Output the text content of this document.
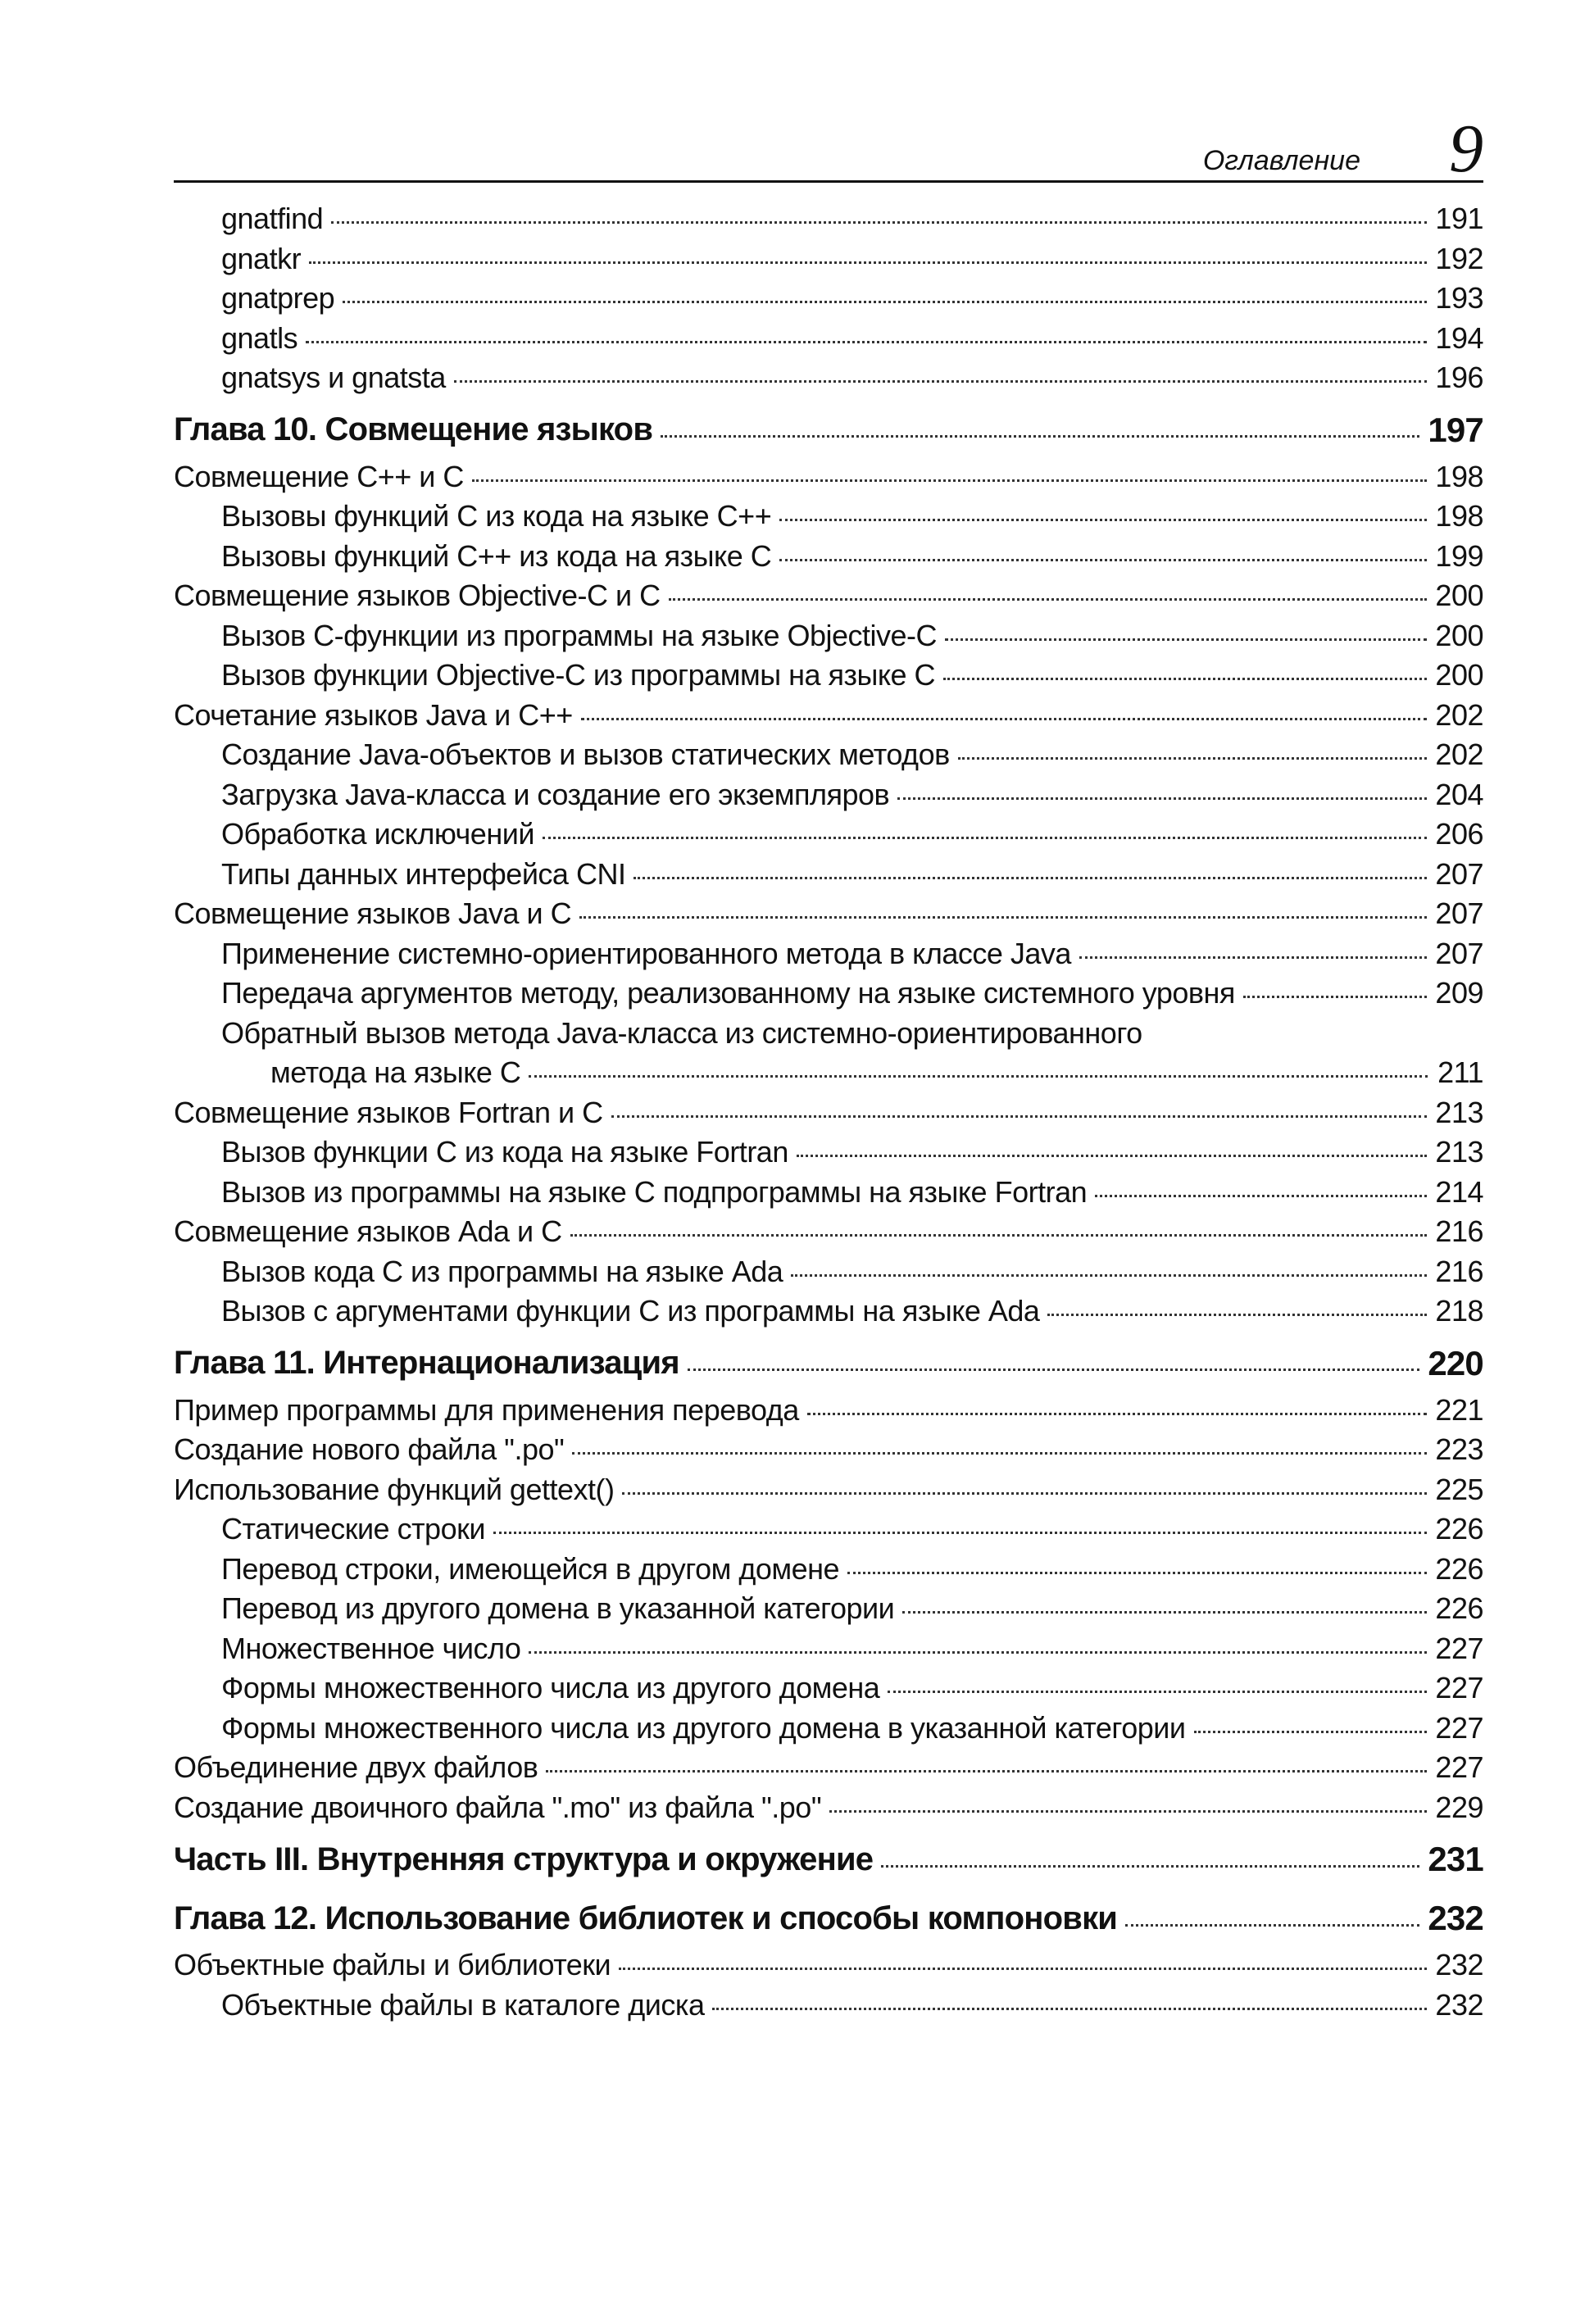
Оглавление 9
gnatfind	191
gnatkr	192
gnatprep	193
gnatls	194
gnatsys и gnatsta	196
Глава 10. Совмещение языков	197
Совмещение C++ и C	198
Вызовы функций C из кода на языке C++	198
Вызовы функций C++ из кода на языке C	199
Совмещение языков Objective-C и C	200
Вызов С-функции из программы на языке Objective-C	200
Вызов функции Objective-C из программы на языке C	200
Сочетание языков Java и C++	202
Создание Java-объектов и вызов статических методов	202
Загрузка Java-класса и создание его экземпляров	204
Обработка исключений	206
Типы данных интерфейса CNI	207
Совмещение языков Java и C	207
Применение системно-ориентированного метода в классе Java	207
Передача аргументов методу, реализованному на языке системного уровня	209
Обратный вызов метода Java-класса из системно-ориентированного
метода на языке C	211
Совмещение языков Fortran и C	213
Вызов функции C из кода на языке Fortran	213
Вызов из программы на языке C подпрограммы на языке Fortran	214
Совмещение языков Ada и C	216
Вызов кода C из программы на языке Ada	216
Вызов с аргументами функции C из программы на языке Ada	218
Глава 11. Интернационализация	220
Пример программы для применения перевода	221
Создание нового файла ".po"	223
Использование функций gettext()	225
Статические строки	226
Перевод строки, имеющейся в другом домене	226
Перевод из другого домена в указанной категории	226
Множественное число	227
Формы множественного числа из другого домена	227
Формы множественного числа из другого домена в указанной категории	227
Объединение двух файлов	227
Создание двоичного файла ".mo" из файла ".po"	229
Часть III. Внутренняя структура и окружение	231
Глава 12. Использование библиотек и способы компоновки	232
Объектные файлы и библиотеки	232
Объектные файлы в каталоге диска	232
